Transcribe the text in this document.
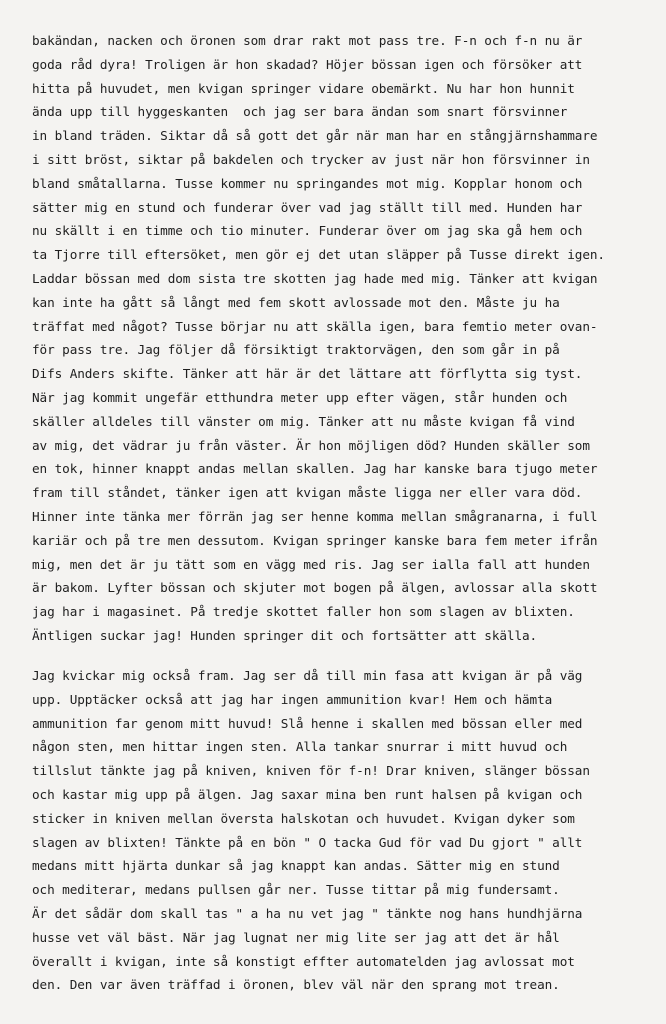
bakändan, nacken och öronen som drar rakt mot pass tre. F-n och f-n nu är
goda råd dyra! Troligen är hon skadad? Höjer bössan igen och försöker att
hitta på huvudet, men kvigan springer vidare obemärkt. Nu har hon hunnit
ända upp till hyggeskanten  och jag ser bara ändan som snart försvinner
in bland träden. Siktar då så gott det går när man har en stångjärnshammare
i sitt bröst, siktar på bakdelen och trycker av just när hon försvinner in
bland småtallarna. Tusse kommer nu springandes mot mig. Kopplar honom och
sätter mig en stund och funderar över vad jag ställt till med. Hunden har
nu skällt i en timme och tio minuter. Funderar över om jag ska gå hem och
ta Tjorre till eftersöket, men gör ej det utan släpper på Tusse direkt igen.
Laddar bössan med dom sista tre skotten jag hade med mig. Tänker att kvigan
kan inte ha gått så långt med fem skott avlossade mot den. Måste ju ha
träffat med något? Tusse börjar nu att skälla igen, bara femtio meter ovan-
för pass tre. Jag följer då försiktigt traktorvägen, den som går in på
Difs Anders skifte. Tänker att här är det lättare att förflytta sig tyst.
När jag kommit ungefär etthundra meter upp efter vägen, står hunden och
skäller alldeles till vänster om mig. Tänker att nu måste kvigan få vind
av mig, det vädrar ju från väster. Är hon möjligen död? Hunden skäller som
en tok, hinner knappt andas mellan skallen. Jag har kanske bara tjugo meter
fram till ståndet, tänker igen att kvigan måste ligga ner eller vara död.
Hinner inte tänka mer förrän jag ser henne komma mellan smågranarna, i full
kariär och på tre men dessutom. Kvigan springer kanske bara fem meter ifrån
mig, men det är ju tätt som en vägg med ris. Jag ser ialla fall att hunden
är bakom. Lyfter bössan och skjuter mot bogen på älgen, avlossar alla skott
jag har i magasinet. På tredje skottet faller hon som slagen av blixten.
Äntligen suckar jag! Hunden springer dit och fortsätter att skälla.
Jag kvickar mig också fram. Jag ser då till min fasa att kvigan är på väg
upp. Upptäcker också att jag har ingen ammunition kvar! Hem och hämta
ammunition far genom mitt huvud! Slå henne i skallen med bössan eller med
någon sten, men hittar ingen sten. Alla tankar snurrar i mitt huvud och
tillslut tänkte jag på kniven, kniven för f-n! Drar kniven, slänger bössan
och kastar mig upp på älgen. Jag saxar mina ben runt halsen på kvigan och
sticker in kniven mellan översta halskotan och huvudet. Kvigan dyker som
slagen av blixten! Tänkte på en bön " O tacka Gud för vad Du gjort " allt
medans mitt hjärta dunkar så jag knappt kan andas. Sätter mig en stund
och mediterar, medans pullsen går ner. Tusse tittar på mig fundersamt.
Är det sådär dom skall tas " a ha nu vet jag " tänkte nog hans hundhjärna
husse vet väl bäst. När jag lugnat ner mig lite ser jag att det är hål
överallt i kvigan, inte så konstigt effter automatelden jag avlossat mot
den. Den var även träffad i öronen, blev väl när den sprang mot trean.
